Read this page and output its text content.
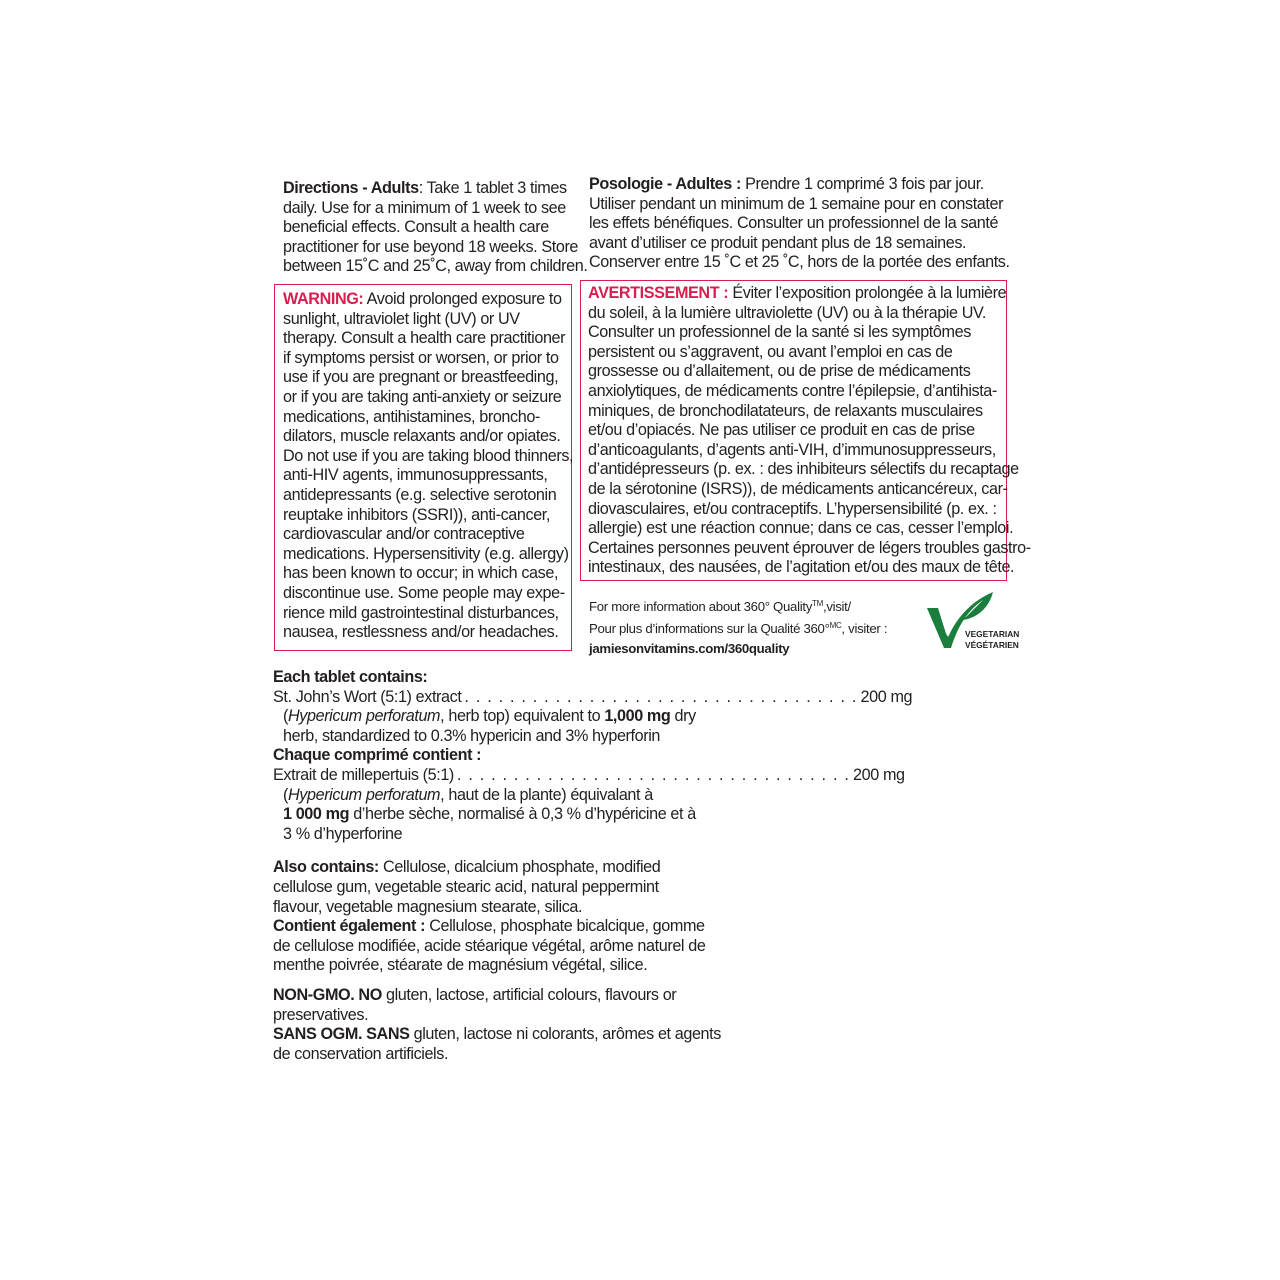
Directions - Adults: Take 1 tablet 3 times

daily. Use for a minimum of 1 week to see

beneficial effects. Consult a health care

practitioner for use beyond 18 weeks. Store

between 15˚C and 25˚C, away from children.

Posologie - Adultes : Prendre 1 comprimé 3 fois par jour.

Utiliser pendant un minimum de 1 semaine pour en constater

les effets bénéfiques. Consulter un professionnel de la santé

avant d’utiliser ce produit pendant plus de 18 semaines.

Conserver entre 15 ˚C et 25 ˚C, hors de la portée des enfants.

WARNING: Avoid prolonged exposure to

sunlight, ultraviolet light (UV) or UV

therapy. Consult a health care practitioner

if symptoms persist or worsen, or prior to

use if you are pregnant or breastfeeding,

or if you are taking anti-anxiety or seizure

medications, antihistamines, broncho-

dilators, muscle relaxants and/or opiates.

Do not use if you are taking blood thinners,

anti-HIV agents, immunosuppressants,

antidepressants (e.g. selective serotonin

reuptake inhibitors (SSRI)), anti-cancer,

cardiovascular and/or contraceptive

medications. Hypersensitivity (e.g. allergy)

has been known to occur; in which case,

discontinue use. Some people may expe-

rience mild gastrointestinal disturbances,

nausea, restlessness and/or headaches.

AVERTISSEMENT : Éviter l’exposition prolongée à la lumière

du soleil, à la lumière ultraviolette (UV) ou à la thérapie UV.

Consulter un professionnel de la santé si les symptômes

persistent ou s’aggravent, ou avant l’emploi en cas de

grossesse ou d’allaitement, ou de prise de médicaments

anxiolytiques, de médicaments contre l’épilepsie, d’antihista-

miniques, de bronchodilatateurs, de relaxants musculaires

et/ou d’opiacés. Ne pas utiliser ce produit en cas de prise

d’anticoagulants, d’agents anti-VIH, d’immunosuppresseurs,

d’antidépresseurs (p. ex. : des inhibiteurs sélectifs du recaptage

de la sérotonine (ISRS)), de médicaments anticancéreux, car-

diovasculaires, et/ou contraceptifs. L’hypersensibilité (p. ex. :

allergie) est une réaction connue; dans ce cas, cesser l’emploi.

Certaines personnes peuvent éprouver de légers troubles gastro-

intestinaux, des nausées, de l’agitation et/ou des maux de tête.

For more information about 360° Quality™,visit/

Pour plus d’informations sur la Qualité 360°$^{MC}$, visiter :

jamiesonvitamins.com/360quality

VEGETARIAN
VÉGÉTARIEN

Each tablet contains:

St. John’s Wort (5:1) extract . . . . . . . . . . . . . . . . . . . . . . . . . . . . . . . . . . . 200 mg

(Hypericum perforatum, herb top) equivalent to 1,000 mg dry

herb, standardized to 0.3% hypericin and 3% hyperforin

Chaque comprimé contient :

Extrait de millepertuis (5:1) . . . . . . . . . . . . . . . . . . . . . . . . . . . . . . . . . . . 200 mg

(Hypericum perforatum, haut de la plante) équivalant à

1 000 mg d’herbe sèche, normalisé à 0,3 % d’hypéricine et à

3 % d’hyperforine

Also contains: Cellulose, dicalcium phosphate, modified

cellulose gum, vegetable stearic acid, natural peppermint

flavour, vegetable magnesium stearate, silica.

Contient également : Cellulose, phosphate bicalcique, gomme

de cellulose modifiée, acide stéarique végétal, arôme naturel de

menthe poivrée, stéarate de magnésium végétal, silice.

NON-GMO. NO gluten, lactose, artificial colours, flavours or

preservatives.

SANS OGM. SANS gluten, lactose ni colorants, arômes et agents

de conservation artificiels.
